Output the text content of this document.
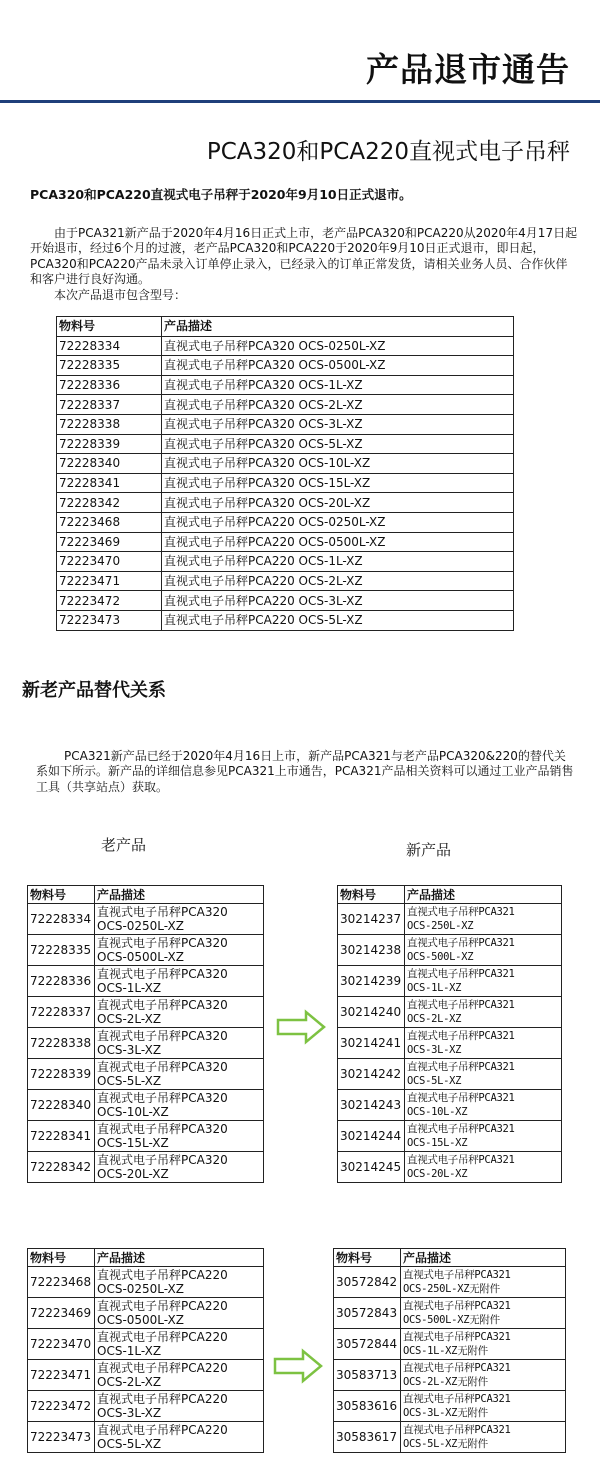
产品退市通告
PCA320和PCA220直视式电子吊秤
PCA320和PCA220直视式电子吊秤于2020年9月10日正式退市。
由于PCA321新产品于2020年4月16日正式上市，老产品PCA320和PCA220从2020年4月17日起开始退市，经过6个月的过渡，老产品PCA320和PCA220于2020年9月10日正式退市，即日起，PCA320和PCA220产品未录入订单停止录入，已经录入的订单正常发货，请相关业务人员、合作伙伴和客户进行良好沟通。
本次产品退市包含型号：
物料号	产品描述
72228334	直视式电子吊秤PCA320 OCS-0250L-XZ
72228335	直视式电子吊秤PCA320 OCS-0500L-XZ
72228336	直视式电子吊秤PCA320 OCS-1L-XZ
72228337	直视式电子吊秤PCA320 OCS-2L-XZ
72228338	直视式电子吊秤PCA320 OCS-3L-XZ
72228339	直视式电子吊秤PCA320 OCS-5L-XZ
72228340	直视式电子吊秤PCA320 OCS-10L-XZ
72228341	直视式电子吊秤PCA320 OCS-15L-XZ
72228342	直视式电子吊秤PCA320 OCS-20L-XZ
72223468	直视式电子吊秤PCA220 OCS-0250L-XZ
72223469	直视式电子吊秤PCA220 OCS-0500L-XZ
72223470	直视式电子吊秤PCA220 OCS-1L-XZ
72223471	直视式电子吊秤PCA220 OCS-2L-XZ
72223472	直视式电子吊秤PCA220 OCS-3L-XZ
72223473	直视式电子吊秤PCA220 OCS-5L-XZ
新老产品替代关系
PCA321新产品已经于2020年4月16日上市，新产品PCA321与老产品PCA320&220的替代关系如下所示。新产品的详细信息参见PCA321上市通告，PCA321产品相关资料可以通过工业产品销售工具（共享站点）获取。
老产品	新产品
物料号	产品描述
72228334	直视式电子吊秤PCA320
OCS-0250L-XZ

72228335	直视式电子吊秤PCA320
OCS-0500L-XZ

72228336	直视式电子吊秤PCA320
OCS-1L-XZ

72228337	直视式电子吊秤PCA320
OCS-2L-XZ

72228338	直视式电子吊秤PCA320
OCS-3L-XZ

72228339	直视式电子吊秤PCA320
OCS-5L-XZ

72228340	直视式电子吊秤PCA320
OCS-10L-XZ

72228341	直视式电子吊秤PCA320
OCS-15L-XZ

72228342	直视式电子吊秤PCA320
OCS-20L-XZ
物料号	产品描述
30214237	直视式电子吊秤PCA321
OCS-250L-XZ

30214238	直视式电子吊秤PCA321
OCS-500L-XZ

30214239	直视式电子吊秤PCA321
OCS-1L-XZ

30214240	直视式电子吊秤PCA321
OCS-2L-XZ

30214241	直视式电子吊秤PCA321
OCS-3L-XZ

30214242	直视式电子吊秤PCA321
OCS-5L-XZ

30214243	直视式电子吊秤PCA321
OCS-10L-XZ

30214244	直视式电子吊秤PCA321
OCS-15L-XZ

30214245	直视式电子吊秤PCA321
OCS-20L-XZ
物料号	产品描述
72223468	直视式电子吊秤PCA220
OCS-0250L-XZ

72223469	直视式电子吊秤PCA220
OCS-0500L-XZ

72223470	直视式电子吊秤PCA220
OCS-1L-XZ

72223471	直视式电子吊秤PCA220
OCS-2L-XZ

72223472	直视式电子吊秤PCA220
OCS-3L-XZ

72223473	直视式电子吊秤PCA220
OCS-5L-XZ
物料号	产品描述
30572842	直视式电子吊秤PCA321
OCS-250L-XZ无附件

30572843	直视式电子吊秤PCA321
OCS-500L-XZ无附件

30572844	直视式电子吊秤PCA321
OCS-1L-XZ无附件

30583713	直视式电子吊秤PCA321
OCS-2L-XZ无附件

30583616	直视式电子吊秤PCA321
OCS-3L-XZ无附件

30583617	直视式电子吊秤PCA321
OCS-5L-XZ无附件
